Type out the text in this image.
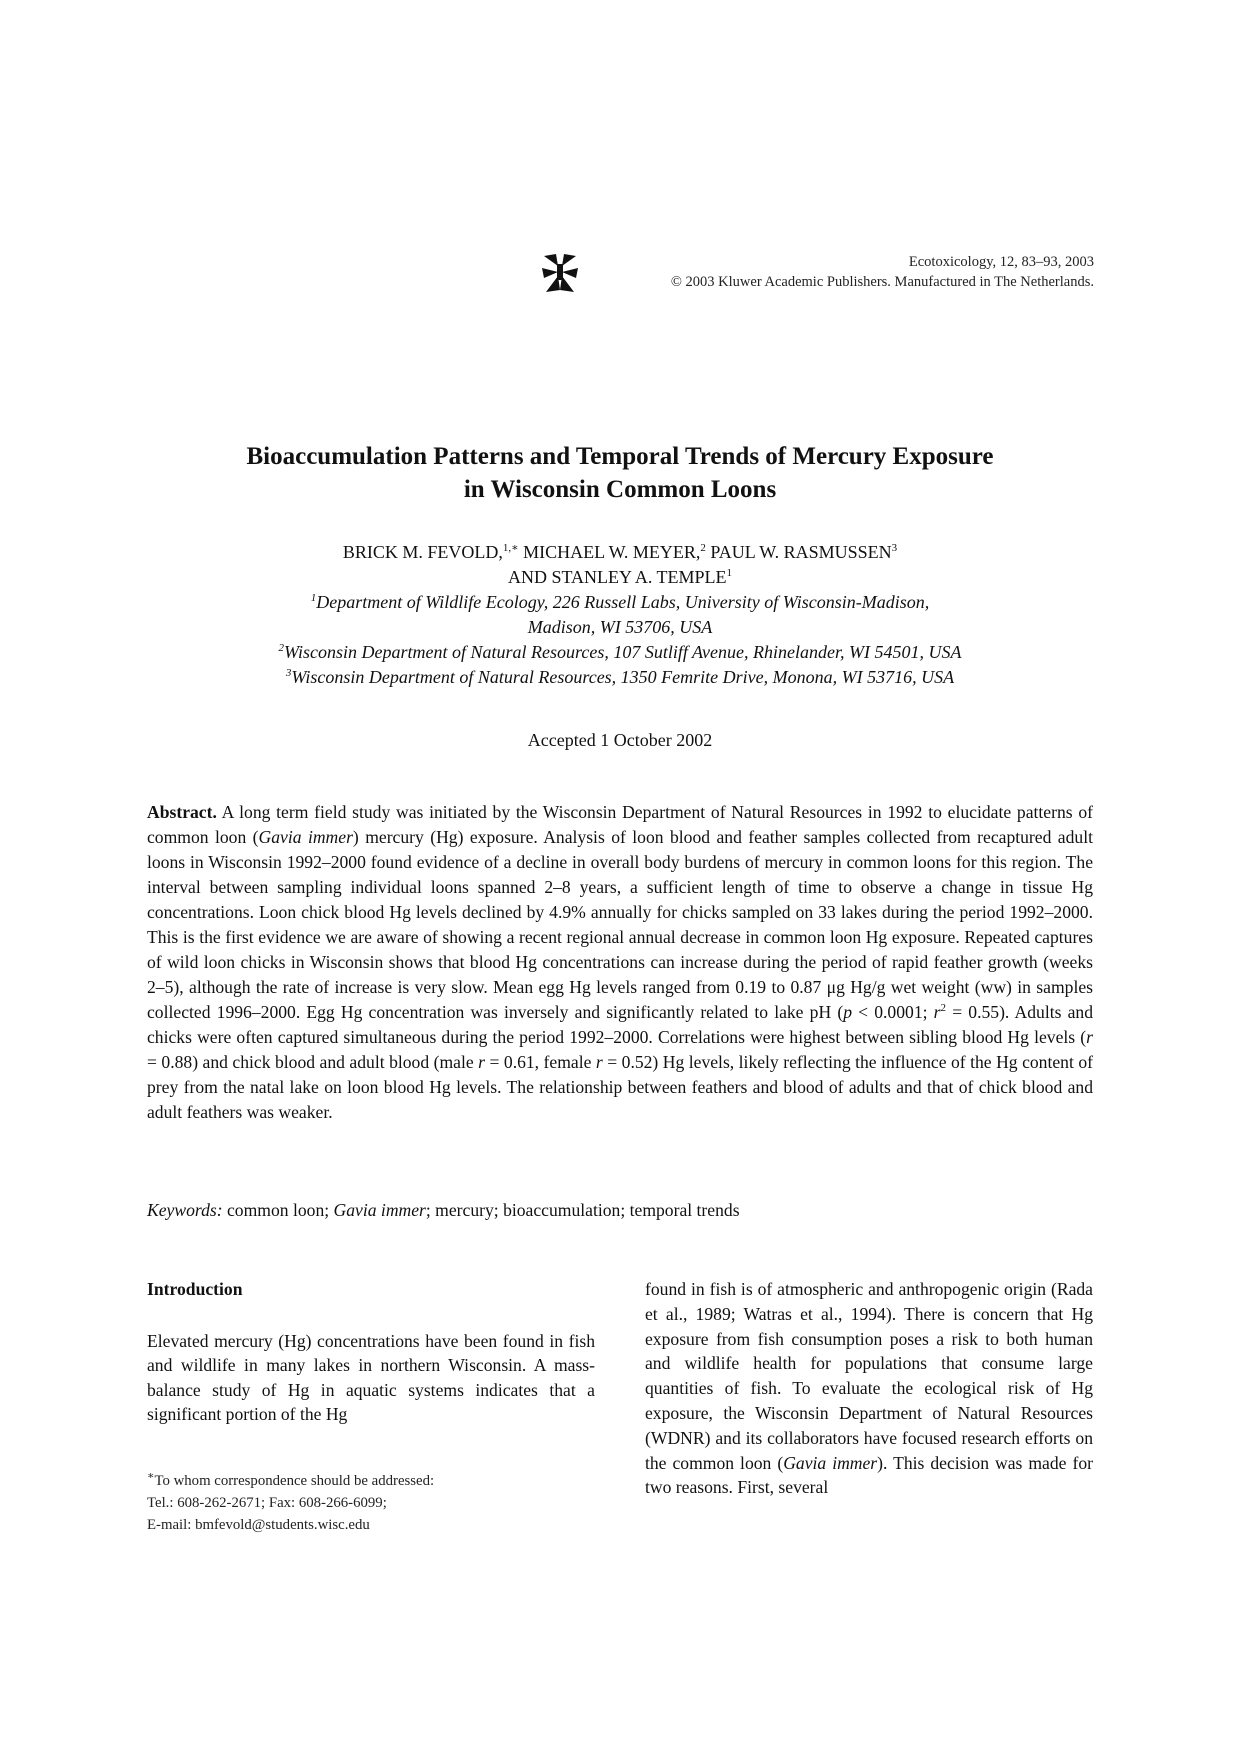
Ecotoxicology, 12, 83–93, 2003
© 2003 Kluwer Academic Publishers. Manufactured in The Netherlands.
Bioaccumulation Patterns and Temporal Trends of Mercury Exposure
in Wisconsin Common Loons
BRICK M. FEVOLD,$^{1,∗}$ MICHAEL W. MEYER,$^2$ PAUL W. RASMUSSEN$^3$
AND STANLEY A. TEMPLE$^1$
$^1$Department of Wildlife Ecology, 226 Russell Labs, University of Wisconsin-Madison,
Madison, WI 53706, USA
$^2$Wisconsin Department of Natural Resources, 107 Sutliff Avenue, Rhinelander, WI 54501, USA
$^3$Wisconsin Department of Natural Resources, 1350 Femrite Drive, Monona, WI 53716, USA
Accepted 1 October 2002

Abstract. A long term field study was initiated by the Wisconsin Department of Natural Resources in 1992 to elucidate patterns of common loon (Gavia immer) mercury (Hg) exposure. Analysis of loon blood and feather samples collected from recaptured adult loons in Wisconsin 1992–2000 found evidence of a decline in overall body burdens of mercury in common loons for this region. The interval between sampling individual loons spanned 2–8 years, a sufficient length of time to observe a change in tissue Hg concentrations. Loon chick blood Hg levels declined by 4.9% annually for chicks sampled on 33 lakes during the period 1992–2000. This is the first evidence we are aware of showing a recent regional annual decrease in common loon Hg exposure. Repeated captures of wild loon chicks in Wisconsin shows that blood Hg concentrations can increase during the period of rapid feather growth (weeks 2–5), although the rate of increase is very slow. Mean egg Hg levels ranged from 0.19 to 0.87 μg Hg/g wet weight (ww) in samples collected 1996–2000. Egg Hg concentration was inversely and significantly related to lake pH (p < 0.0001; $r^2 = 0.55$). Adults and chicks were often captured simultaneous during the period 1992–2000. Correlations were highest between sibling blood Hg levels (r = 0.88) and chick blood and adult blood (male r = 0.61, female r = 0.52) Hg levels, likely reflecting the influence of the Hg content of prey from the natal lake on loon blood Hg levels. The relationship between feathers and blood of adults and that of chick blood and adult feathers was weaker.

Keywords: common loon; Gavia immer; mercury; bioaccumulation; temporal trends
Introduction

Elevated mercury (Hg) concentrations have been found in fish and wildlife in many lakes in northern Wisconsin. A mass-balance study of Hg in aquatic systems indicates that a significant portion of the Hg

∗To whom correspondence should be addressed:
Tel.: 608-262-2671; Fax: 608-266-6099;
E-mail: bmfevold@students.wisc.edu

found in fish is of atmospheric and anthropogenic origin (Rada et al., 1989; Watras et al., 1994). There is concern that Hg exposure from fish consumption poses a risk to both human and wildlife health for populations that consume large quantities of fish. To evaluate the ecological risk of Hg exposure, the Wisconsin Department of Natural Resources (WDNR) and its collaborators have focused research efforts on the common loon (Gavia immer). This decision was made for two reasons. First, several
